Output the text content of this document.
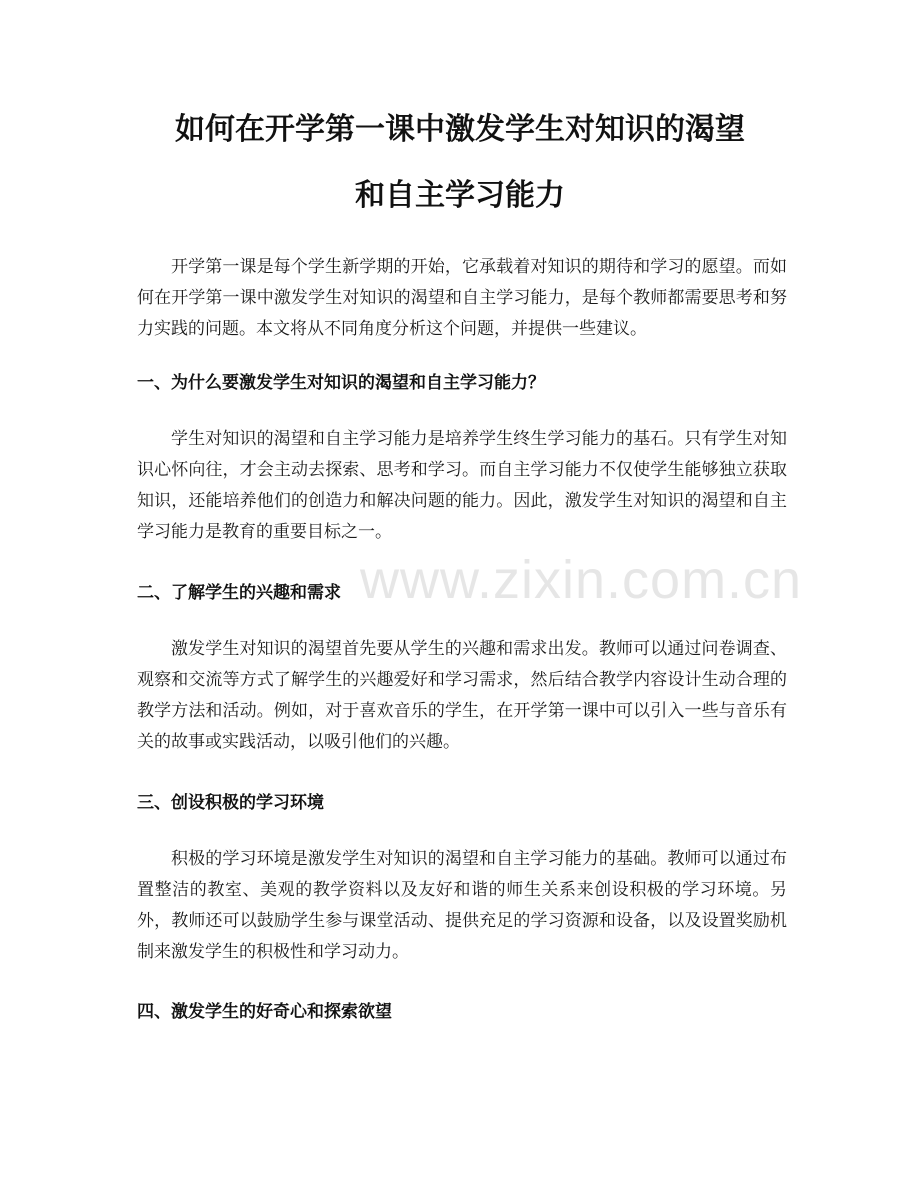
如何在开学第一课中激发学生对知识的渴望
和自主学习能力

开学第一课是每个学生新学期的开始，它承载着对知识的期待和学习的愿望。而如何在开学第一课中激发学生对知识的渴望和自主学习能力，是每个教师都需要思考和努力实践的问题。本文将从不同角度分析这个问题，并提供一些建议。

一、为什么要激发学生对知识的渴望和自主学习能力？

学生对知识的渴望和自主学习能力是培养学生终生学习能力的基石。只有学生对知识心怀向往，才会主动去探索、思考和学习。而自主学习能力不仅使学生能够独立获取知识，还能培养他们的创造力和解决问题的能力。因此，激发学生对知识的渴望和自主学习能力是教育的重要目标之一。

二、了解学生的兴趣和需求

激发学生对知识的渴望首先要从学生的兴趣和需求出发。教师可以通过问卷调查、观察和交流等方式了解学生的兴趣爱好和学习需求，然后结合教学内容设计生动合理的教学方法和活动。例如，对于喜欢音乐的学生，在开学第一课中可以引入一些与音乐有关的故事或实践活动，以吸引他们的兴趣。

三、创设积极的学习环境

积极的学习环境是激发学生对知识的渴望和自主学习能力的基础。教师可以通过布置整洁的教室、美观的教学资料以及友好和谐的师生关系来创设积极的学习环境。另外，教师还可以鼓励学生参与课堂活动、提供充足的学习资源和设备，以及设置奖励机制来激发学生的积极性和学习动力。

四、激发学生的好奇心和探索欲望
www.zixin.com.cn
